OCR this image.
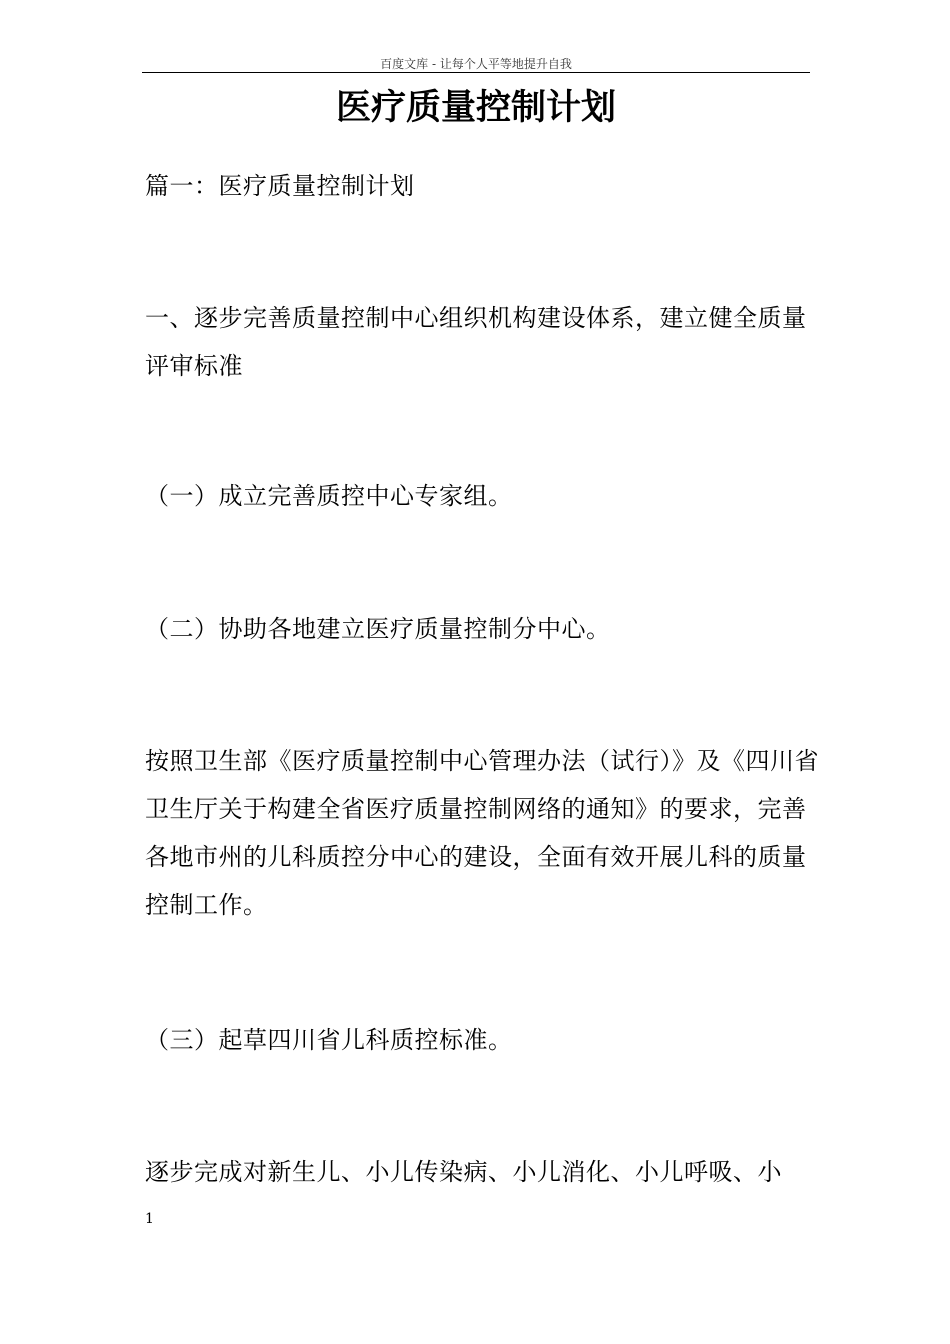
百度文库 - 让每个人平等地提升自我
医疗质量控制计划

篇一：医疗质量控制计划

一、逐步完善质量控制中心组织机构建设体系，建立健全质量评审标准

（一）成立完善质控中心专家组。

（二）协助各地建立医疗质量控制分中心。

按照卫生部《医疗质量控制中心管理办法（试行）》及《四川省卫生厅关于构建全省医疗质量控制网络的通知》的要求，完善各地市州的儿科质控分中心的建设，全面有效开展儿科的质量控制工作。

（三）起草四川省儿科质控标准。

逐步完成对新生儿、小儿传染病、小儿消化、小儿呼吸、小

1
